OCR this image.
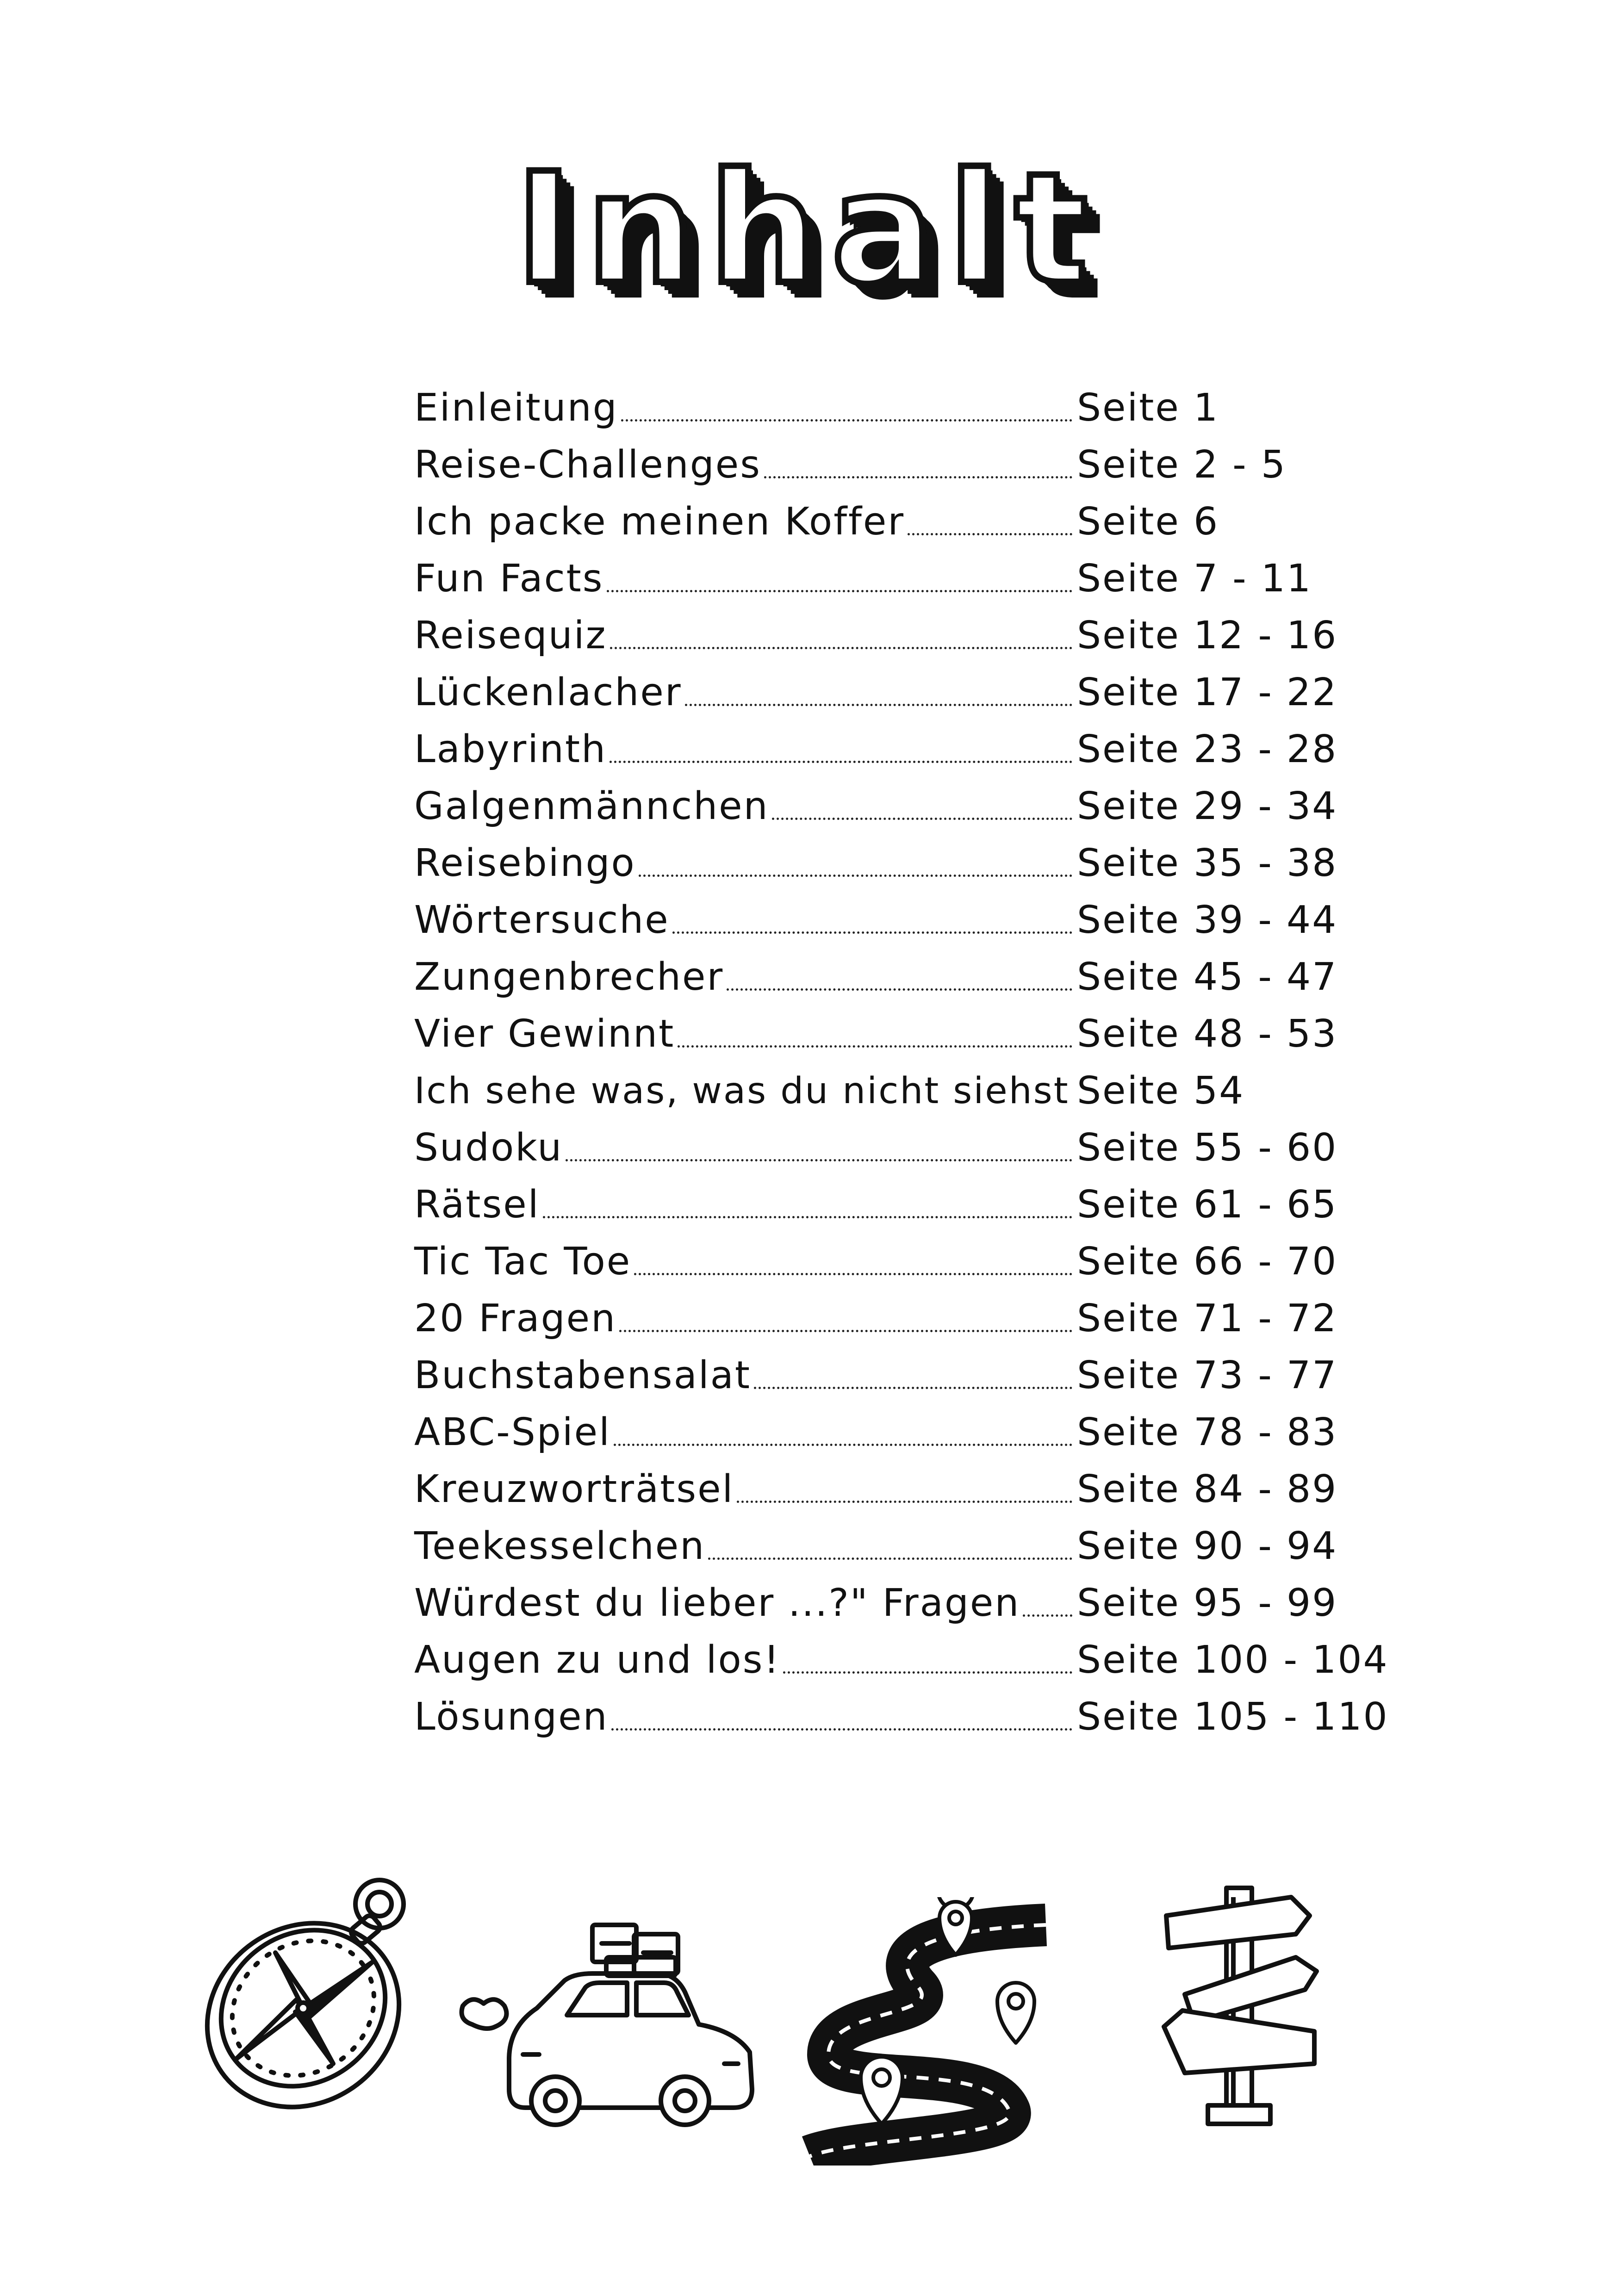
Inhalt
Einleitung	Seite 1
Reise-Challenges	Seite 2 - 5
Ich packe meinen Koffer	Seite 6
Fun Facts	Seite 7 - 11
Reisequiz	Seite 12 - 16
Lückenlacher	Seite 17 - 22
Labyrinth	Seite 23 - 28
Galgenmännchen	Seite 29 - 34
Reisebingo	Seite 35 - 38
Wörtersuche	Seite 39 - 44
Zungenbrecher	Seite 45 - 47
Vier Gewinnt	Seite 48 - 53
Ich sehe was, was du nicht siehst Seite 54
Sudoku	Seite 55 - 60
Rätsel	Seite 61 - 65
Tic Tac Toe	Seite 66 - 70
20 Fragen	Seite 71 - 72
Buchstabensalat	Seite 73 - 77
ABC-Spiel	Seite 78 - 83
Kreuzworträtsel	Seite 84 - 89
Teekesselchen	Seite 90 - 94
Würdest du lieber ...?" Fragen Seite 95 - 99
Augen zu und los!	Seite 100 - 104
Lösungen	Seite 105 - 110
